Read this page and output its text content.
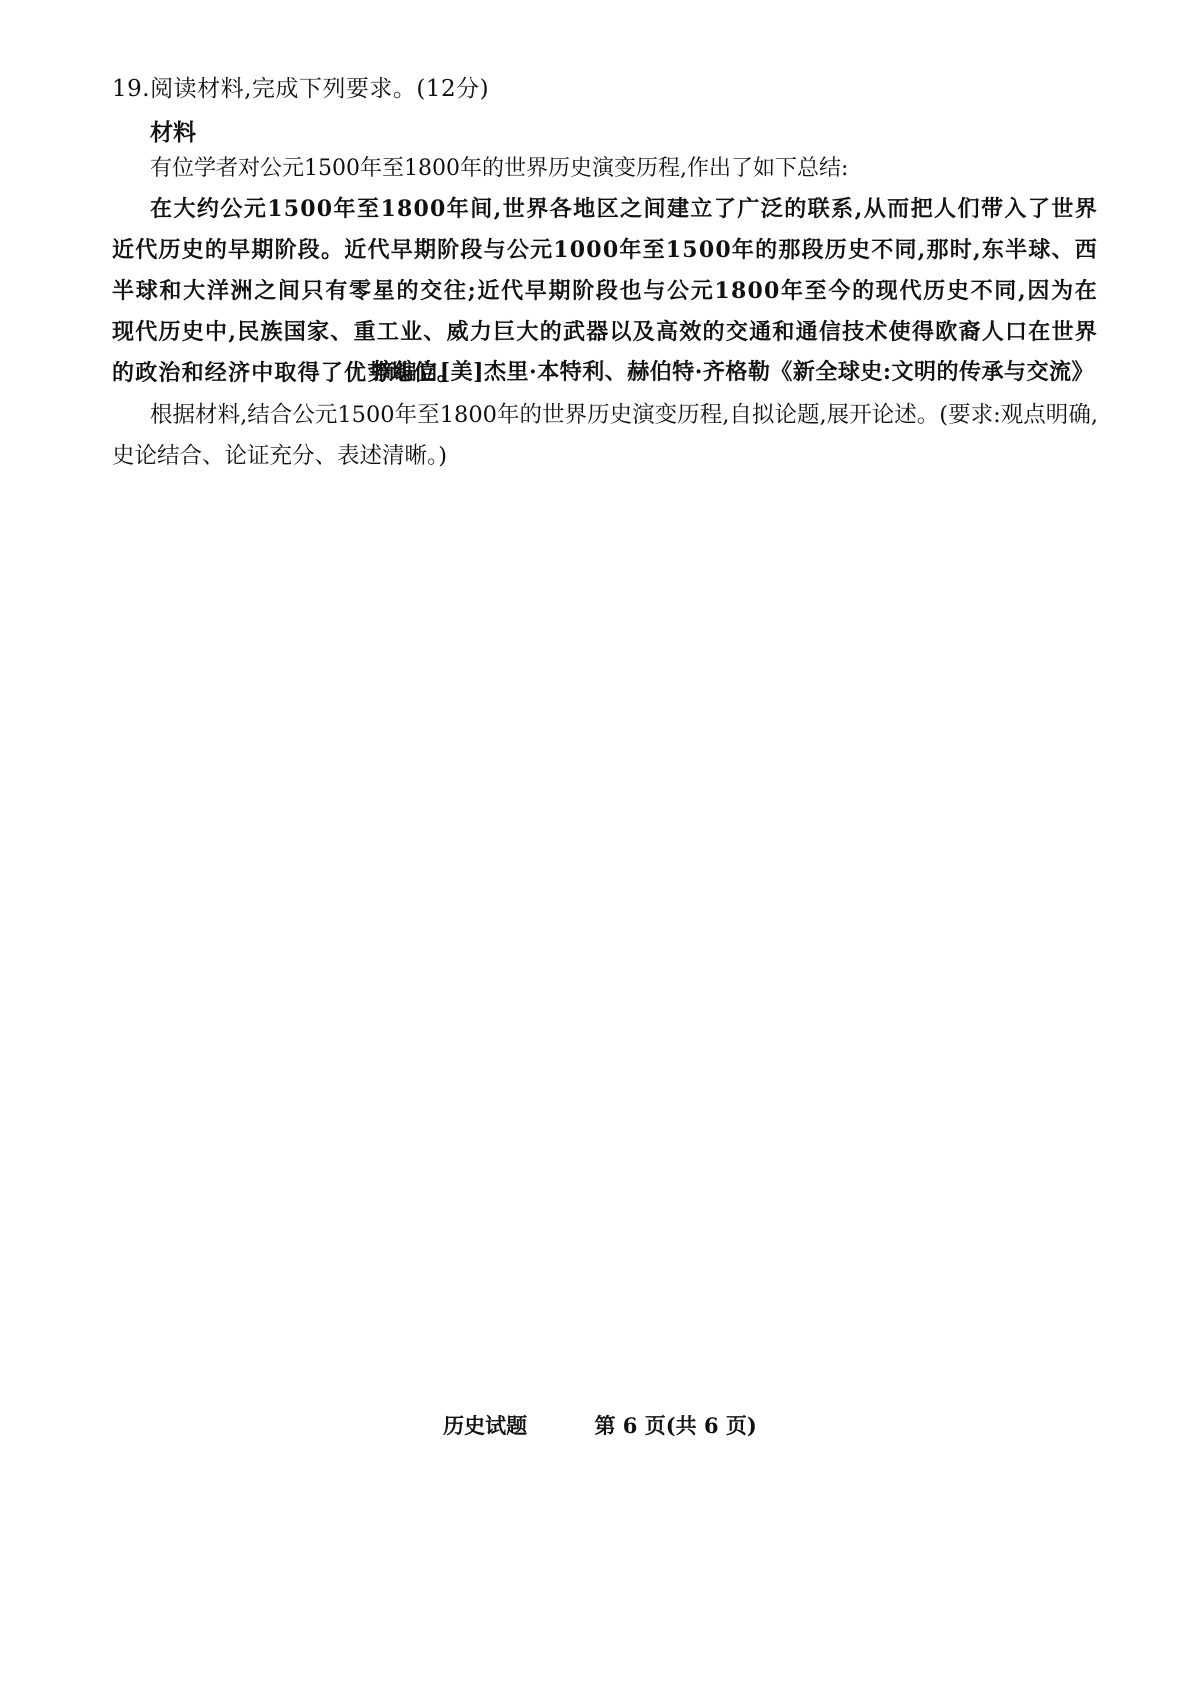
19.阅读材料,完成下列要求。(12分)
材料
有位学者对公元1500年至1800年的世界历史演变历程,作出了如下总结:
在大约公元1500年至1800年间,世界各地区之间建立了广泛的联系,从而把人们带入了世界近代历史的早期阶段。近代早期阶段与公元1000年至1500年的那段历史不同,那时,东半球、西半球和大洋洲之间只有零星的交往;近代早期阶段也与公元1800年至今的现代历史不同,因为在现代历史中,民族国家、重工业、威力巨大的武器以及高效的交通和通信技术使得欧裔人口在世界的政治和经济中取得了优势地位。
摘编自[美]杰里·本特利、赫伯特·齐格勒《新全球史:文明的传承与交流》
根据材料,结合公元1500年至1800年的世界历史演变历程,自拟论题,展开论述。(要求:观点明确,史论结合、论证充分、表述清晰。)
历史试题	第 6 页(共 6 页)
